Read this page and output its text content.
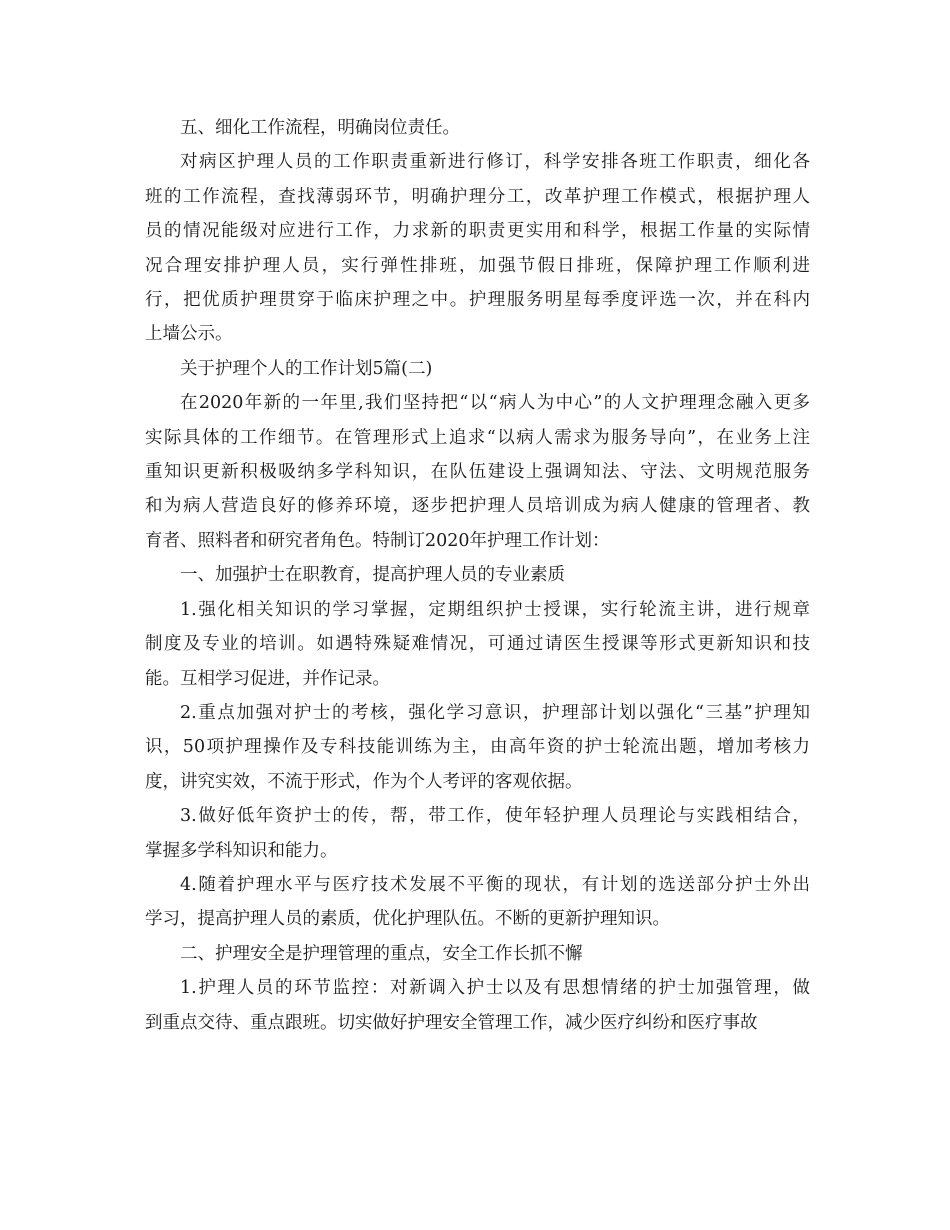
五、细化工作流程，明确岗位责任。

对病区护理人员的工作职责重新进行修订，科学安排各班工作职责，细化各
班的工作流程，查找薄弱环节，明确护理分工，改革护理工作模式，根据护理人
员的情况能级对应进行工作，力求新的职责更实用和科学，根据工作量的实际情
况合理安排护理人员，实行弹性排班，加强节假日排班，保障护理工作顺利进
行，把优质护理贯穿于临床护理之中。护理服务明星每季度评选一次，并在科内
上墙公示。

关于护理个人的工作计划5篇(二)

在2020年新的一年里,我们坚持把“以“病人为中心”的人文护理理念融入更多
实际具体的工作细节。在管理形式上追求“以病人需求为服务导向”，在业务上注
重知识更新积极吸纳多学科知识，在队伍建设上强调知法、守法、文明规范服务
和为病人营造良好的修养环境，逐步把护理人员培训成为病人健康的管理者、教
育者、照料者和研究者角色。特制订2020年护理工作计划：

一、加强护士在职教育，提高护理人员的专业素质

1.强化相关知识的学习掌握，定期组织护士授课，实行轮流主讲，进行规章
制度及专业的培训。如遇特殊疑难情况，可通过请医生授课等形式更新知识和技
能。互相学习促进，并作记录。

2.重点加强对护士的考核，强化学习意识，护理部计划以强化“三基”护理知
识，50项护理操作及专科技能训练为主，由高年资的护士轮流出题，增加考核力
度，讲究实效，不流于形式，作为个人考评的客观依据。

3.做好低年资护士的传，帮，带工作，使年轻护理人员理论与实践相结合，
掌握多学科知识和能力。

4.随着护理水平与医疗技术发展不平衡的现状，有计划的选送部分护士外出
学习，提高护理人员的素质，优化护理队伍。不断的更新护理知识。

二、护理安全是护理管理的重点，安全工作长抓不懈

1.护理人员的环节监控：对新调入护士以及有思想情绪的护士加强管理，做
到重点交待、重点跟班。切实做好护理安全管理工作，减少医疗纠纷和医疗事故
